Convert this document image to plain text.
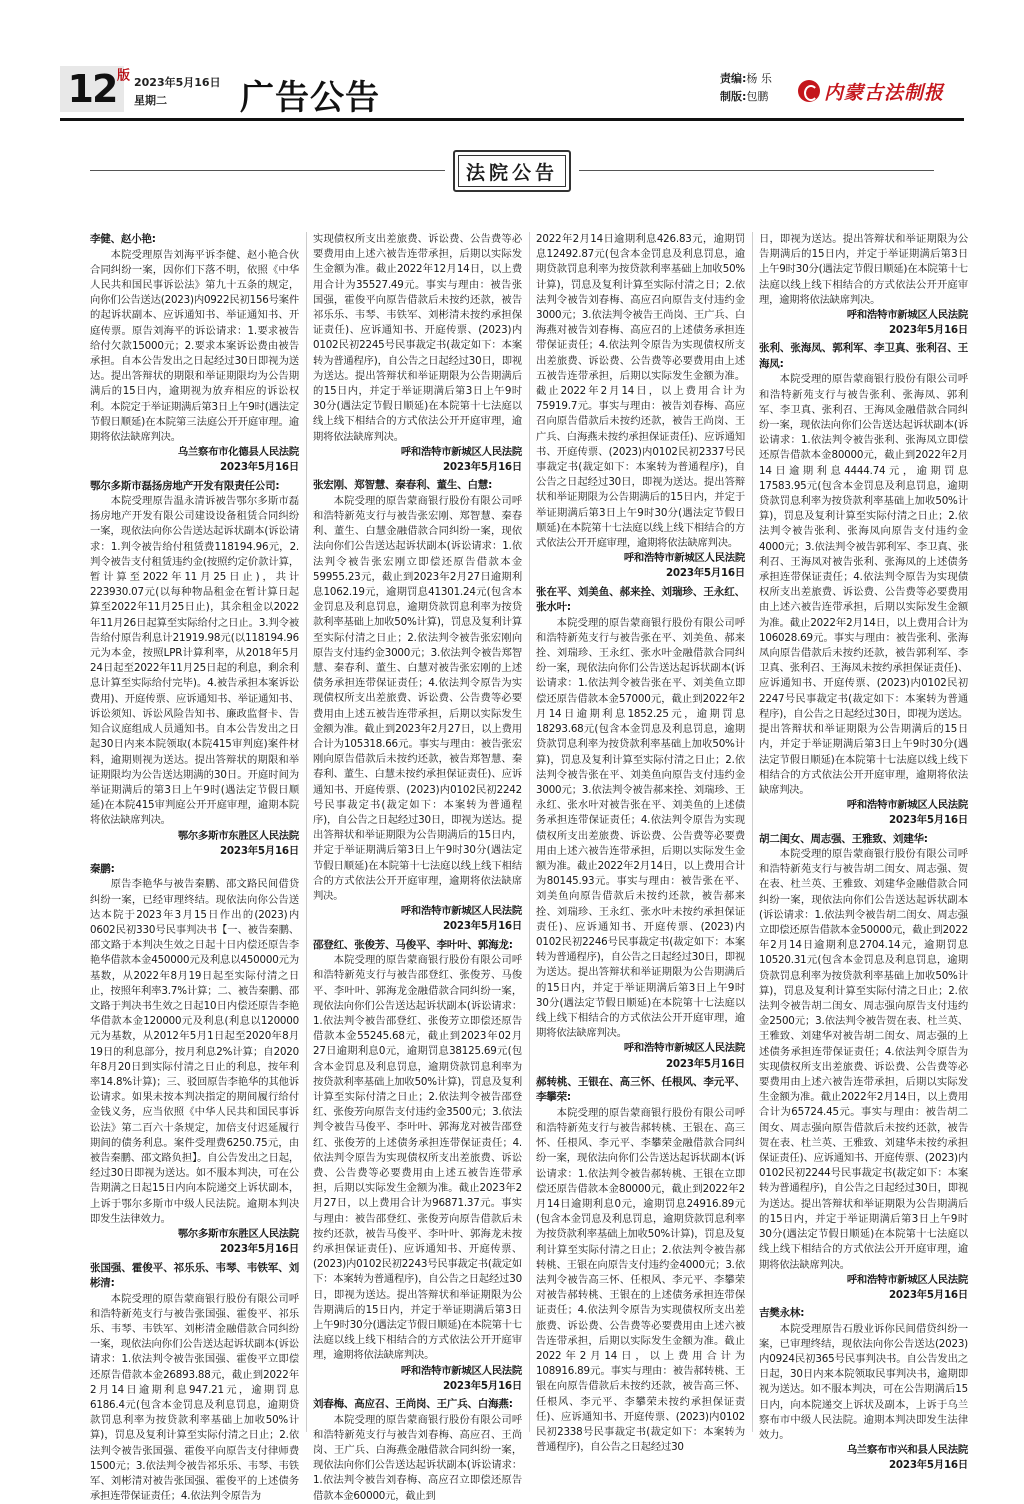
12
版
2023年5月16日
星期二	广告公告	责编:杨 乐
制版:包鹏	内蒙古法制报
法院公告
李健、赵小艳:
本院受理原告刘海平诉李健、赵小艳合伙合同纠纷一案，因你们下落不明，依照《中华人民共和国民事诉讼法》第九十五条的规定，向你们公告送达(2023)内0922民初156号案件的起诉状副本、应诉通知书、举证通知书、开庭传票。原告刘海平的诉讼请求：1.要求被告给付欠款15000元；2.要求本案诉讼费由被告承担。自本公告发出之日起经过30日即视为送达。提出答辩状的期限和举证期限均为公告期满后的15日内，逾期视为放弃相应的诉讼权利。本院定于举证期满后第3日上午9时(遇法定节假日顺延)在本院第三法庭公开开庭审理。逾期将依法缺席判决。
乌兰察布市化德县人民法院
2023年5月16日
鄂尔多斯市磊扬房地产开发有限责任公司:
本院受理原告温永清诉被告鄂尔多斯市磊扬房地产开发有限公司建设设备租赁合同纠纷一案，现依法向你公告送达起诉状副本(诉讼请求：1.判令被告给付租赁费118194.96元，2.判令被告支付租赁违约金(按照约定价款计算，暂计算至2022年11月25日止)，共计223930.07元(以每种物品租金在暂计算日起算至2022年11月25日止)，其余租金以2022年11月26日起算至实际给付之日止。3.判令被告给付原告利息计21919.98元(以118194.96元为本金，按照LPR计算利率，从2018年5月24日起至2022年11月25日起的利息，剩余利息计算至实际给付完毕)。4.被告承担本案诉讼费用)、开庭传票、应诉通知书、举证通知书、诉讼须知、诉讼风险告知书、廉政监督卡、告知合议庭组成人员通知书。自本公告发出之日起30日内来本院领取(本院415审判庭)案件材料，逾期则视为送达。提出答辩状的期限和举证期限均为公告送达期满的30日。开庭时间为举证期满后的第3日上午9时(遇法定节假日顺延)在本院415审判庭公开开庭审理，逾期本院将依法缺席判决。
鄂尔多斯市东胜区人民法院
2023年5月16日
秦鹏:
原告李艳华与被告秦鹏、邵文路民间借贷纠纷一案，已经审理终结。现依法向你公告送达本院于2023年3月15日作出的(2023)内0602民初330号民事判决书【一、被告秦鹏、邵文路于本判决生效之日起十日内偿还原告李艳华借款本金450000元及利息以450000元为基数，从2022年8月19日起至实际付清之日止，按照年利率3.7%计算；二、被告秦鹏、邵文路于判决书生效之日起10日内偿还原告李艳华借款本金120000元及利息(利息以120000元为基数，从2012年5月1日起至2020年8月19日的利息部分，按月利息2%计算；自2020年8月20日到实际付清之日止的利息，按年利率14.8%计算)；三、驳回原告李艳华的其他诉讼请求。如果未按本判决指定的期间履行给付金钱义务，应当依照《中华人民共和国民事诉讼法》第二百六十条规定，加倍支付迟延履行期间的债务利息。案件受理费6250.75元，由被告秦鹏、邵文路负担】。自公告发出之日起，经过30日即视为送达。如不服本判决，可在公告期满之日起15日内向本院递交上诉状副本，上诉于鄂尔多斯市中级人民法院。逾期本判决即发生法律效力。
鄂尔多斯市东胜区人民法院
2023年5月16日
张国强、霍俊平、祁乐乐、韦琴、韦铁军、刘彬清:
本院受理的原告蒙商银行股份有限公司呼和浩特新苑支行与被告张国强、霍俊平、祁乐乐、韦琴、韦铁军、刘彬清金融借款合同纠纷一案，现依法向你们公告送达起诉状副本(诉讼请求：1.依法判令被告张国强、霍俊平立即偿还原告借款本金26893.88元，截止到2022年2月14日逾期利息947.21元，逾期罚息6186.4元(包含本金罚息及利息罚息，逾期贷款罚息利率为按贷款利率基础上加收50%计算)，罚息及复利计算至实际付清之日止；2.依法判令被告张国强、霍俊平向原告支付律师费1500元；3.依法判令被告祁乐乐、韦琴、韦铁军、刘彬清对被告张国强、霍俊平的上述债务承担连带保证责任；4.依法判令原告为
实现债权所支出差旅费、诉讼费、公告费等必要费用由上述六被告连带承担，后期以实际发生金额为准。截止2022年12月14日，以上费用合计为35527.49元。事实与理由：被告张国强，霍俊平向原告借款后未按约还款，被告祁乐乐、韦琴、韦铁军、刘彬清未按约承担保证责任)、应诉通知书、开庭传票、(2023)内0102民初2245号民事裁定书(裁定如下：本案转为普通程序)，自公告之日起经过30日，即视为送达。提出答辩状和举证期限为公告期满后的15日内，并定于举证期满后第3日上午9时30分(遇法定节假日顺延)在本院第十七法庭以线上线下相结合的方式依法公开开庭审理，逾期将依法缺席判决。
呼和浩特市新城区人民法院
2023年5月16日
张宏刚、郑智慧、秦春利、董生、白慧:
本院受理的原告蒙商银行股份有限公司呼和浩特新苑支行与被告张宏刚、郑智慧、秦春利、董生、白慧金融借款合同纠纷一案，现依法向你们公告送达起诉状副本(诉讼请求：1.依法判令被告张宏刚立即偿还原告借款本金59955.23元，截止到2023年2月27日逾期利息1062.19元，逾期罚息41301.24元(包含本金罚息及利息罚息，逾期贷款罚息利率为按贷款利率基础上加收50%计算)，罚息及复利计算至实际付清之日止；2.依法判令被告张宏刚向原告支付违约金3000元；3.依法判令被告郑智慧、秦春利、董生、白慧对被告张宏刚的上述债务承担连带保证责任；4.依法判令原告为实现债权所支出差旅费、诉讼费、公告费等必要费用由上述五被告连带承担，后期以实际发生金额为准。截止到2023年2月27日，以上费用合计为105318.66元。事实与理由：被告张宏刚向原告借款后未按约还款，被告郑智慧、秦春利、董生、白慧未按约承担保证责任)、应诉通知书、开庭传票、(2023)内0102民初2242号民事裁定书(裁定如下：本案转为普通程序)，自公告之日起经过30日，即视为送达。提出答辩状和举证期限为公告期满后的15日内，并定于举证期满后第3日上午9时30分(遇法定节假日顺延)在本院第十七法庭以线上线下相结合的方式依法公开开庭审理，逾期将依法缺席判决。
呼和浩特市新城区人民法院
2023年5月16日
邵登红、张俊芳、马俊平、李叶叶、郭海龙:
本院受理的原告蒙商银行股份有限公司呼和浩特新苑支行与被告邵登红、张俊芳、马俊平、李叶叶、郭海龙金融借款合同纠纷一案，现依法向你们公告送达起诉状副本(诉讼请求：1.依法判令被告邵登红、张俊芳立即偿还原告借款本金55245.68元，截止到2023年02月27日逾期利息0元，逾期罚息38125.69元(包含本金罚息及利息罚息，逾期贷款罚息利率为按贷款利率基础上加收50%计算)，罚息及复利计算至实际付清之日止；2.依法判令被告邵登红、张俊芳向原告支付违约金3500元；3.依法判令被告马俊平、李叶叶、郭海龙对被告邵登红、张俊芳的上述债务承担连带保证责任；4.依法判令原告为实现债权所支出差旅费、诉讼费、公告费等必要费用由上述五被告连带承担，后期以实际发生金额为准。截止2023年2月27日，以上费用合计为96871.37元。事实与理由：被告邵登红、张俊芳向原告借款后未按约还款，被告马俊平、李叶叶、郭海龙未按约承担保证责任)、应诉通知书、开庭传票、(2023)内0102民初2243号民事裁定书(裁定如下：本案转为普通程序)，自公告之日起经过30日，即视为送达。提出答辩状和举证期限为公告期满后的15日内，并定于举证期满后第3日上午9时30分(遇法定节假日顺延)在本院第十七法庭以线上线下相结合的方式依法公开开庭审理，逾期将依法缺席判决。
呼和浩特市新城区人民法院
2023年5月16日
刘春梅、高应召、王尚岗、王广兵、白海燕:
本院受理的原告蒙商银行股份有限公司呼和浩特新苑支行与被告刘春梅、高应召、王尚岗、王广兵、白海燕金融借款合同纠纷一案，现依法向你们公告送达起诉状副本(诉讼请求：1.依法判令被告刘春梅、高应召立即偿还原告借款本金60000元，截止到
2022年2月14日逾期利息426.83元，逾期罚息12492.87元(包含本金罚息及利息罚息，逾期贷款罚息利率为按贷款利率基础上加收50%计算)，罚息及复利计算至实际付清之日；2.依法判令被告刘春梅、高应召向原告支付违约金3000元；3.依法判令被告王尚岗、王广兵、白海燕对被告刘春梅、高应召的上述债务承担连带保证责任；4.依法判令原告为实现债权所支出差旅费、诉讼费、公告费等必要费用由上述五被告连带承担，后期以实际发生金额为准。截止2022年2月14日，以上费用合计为75919.7元。事实与理由：被告刘春梅、高应召向原告借款后未按约还款，被告王尚岗、王广兵、白海燕未按约承担保证责任)、应诉通知书、开庭传票、(2023)内0102民初2337号民事裁定书(裁定如下：本案转为普通程序)，自公告之日起经过30日，即视为送达。提出答辩状和举证期限为公告期满后的15日内，并定于举证期满后第3日上午9时30分(遇法定节假日顺延)在本院第十七法庭以线上线下相结合的方式依法公开开庭审理，逾期将依法缺席判决。
呼和浩特市新城区人民法院
2023年5月16日
张在平、刘美鱼、郝来拴、刘瑞珍、王永红、张水叶:
本院受理的原告蒙商银行股份有限公司呼和浩特新苑支行与被告张在平、刘美鱼、郝来拴、刘瑞珍、王永红、张水叶金融借款合同纠纷一案，现依法向你们公告送达起诉状副本(诉讼请求：1.依法判令被告张在平、刘美鱼立即偿还原告借款本金57000元，截止到2022年2月14日逾期利息1852.25元，逾期罚息18293.68元(包含本金罚息及利息罚息，逾期贷款罚息利率为按贷款利率基础上加收50%计算)，罚息及复利计算至实际付清之日止；2.依法判令被告张在平、刘美鱼向原告支付违约金3000元；3.依法判令被告郝来拴、刘瑞珍、王永红、张水叶对被告张在平、刘美鱼的上述债务承担连带保证责任；4.依法判令原告为实现债权所支出差旅费、诉讼费、公告费等必要费用由上述六被告连带承担，后期以实际发生金额为准。截止2022年2月14日，以上费用合计为80145.93元。事实与理由：被告张在平、刘美鱼向原告借款后未按约还款，被告郝来拴、刘瑞珍、王永红、张水叶未按约承担保证责任)、应诉通知书、开庭传票、(2023)内0102民初2246号民事裁定书(裁定如下：本案转为普通程序)，自公告之日起经过30日，即视为送达。提出答辩状和举证期限为公告期满后的15日内，并定于举证期满后第3日上午9时30分(遇法定节假日顺延)在本院第十七法庭以线上线下相结合的方式依法公开开庭审理，逾期将依法缺席判决。
呼和浩特市新城区人民法院
2023年5月16日
郝转桃、王银在、高三怀、任根风、李元平、李攀荣:
本院受理的原告蒙商银行股份有限公司呼和浩特新苑支行与被告郝转桃、王银在、高三怀、任根风、李元平、李攀荣金融借款合同纠纷一案，现依法向你们公告送达起诉状副本(诉讼请求：1.依法判令被告郝转桃、王银在立即偿还原告借款本金80000元，截止到2022年2月14日逾期利息0元，逾期罚息24916.89元(包含本金罚息及利息罚息，逾期贷款罚息利率为按贷款利率基础上加收50%计算)，罚息及复利计算至实际付清之日止；2.依法判令被告郝转桃、王银在向原告支付违约金4000元；3.依法判令被告高三怀、任根风、李元平、李攀荣对被告郝转桃、王银在的上述债务承担连带保证责任；4.依法判令原告为实现债权所支出差旅费、诉讼费、公告费等必要费用由上述六被告连带承担，后期以实际发生金额为准。截止2022年2月14日，以上费用合计为108916.89元。事实与理由：被告郝转桃、王银在向原告借款后未按约还款，被告高三怀、任根风、李元平、李攀荣未按约承担保证责任)、应诉通知书、开庭传票、(2023)内0102民初2338号民事裁定书(裁定如下：本案转为普通程序)，自公告之日起经过30
日，即视为送达。提出答辩状和举证期限为公告期满后的15日内，并定于举证期满后第3日上午9时30分(遇法定节假日顺延)在本院第十七法庭以线上线下相结合的方式依法公开开庭审理，逾期将依法缺席判决。
呼和浩特市新城区人民法院
2023年5月16日
张利、张海凤、郭利军、李卫真、张利召、王海凤:
本院受理的原告蒙商银行股份有限公司呼和浩特新苑支行与被告张利、张海凤、郭利军、李卫真、张利召、王海凤金融借款合同纠纷一案，现依法向你们公告送达起诉状副本(诉讼请求：1.依法判令被告张利、张海凤立即偿还原告借款本金80000元，截止到2022年2月14日逾期利息4444.74元，逾期罚息17583.95元(包含本金罚息及利息罚息，逾期贷款罚息利率为按贷款利率基础上加收50%计算)，罚息及复利计算至实际付清之日止；2.依法判令被告张利、张海凤向原告支付违约金4000元；3.依法判令被告郭利军、李卫真、张利召、王海凤对被告张利、张海凤的上述债务承担连带保证责任；4.依法判令原告为实现债权所支出差旅费、诉讼费、公告费等必要费用由上述六被告连带承担，后期以实际发生金额为准。截止2022年2月14日，以上费用合计为106028.69元。事实与理由：被告张利、张海凤向原告借款后未按约还款，被告郭利军、李卫真、张利召、王海凤未按约承担保证责任)、应诉通知书、开庭传票、(2023)内0102民初2247号民事裁定书(裁定如下：本案转为普通程序)，自公告之日起经过30日，即视为送达。提出答辩状和举证期限为公告期满后的15日内，并定于举证期满后第3日上午9时30分(遇法定节假日顺延)在本院第十七法庭以线上线下相结合的方式依法公开开庭审理，逾期将依法缺席判决。
呼和浩特市新城区人民法院
2023年5月16日
胡二闺女、周志强、王雅致、刘建华:
本院受理的原告蒙商银行股份有限公司呼和浩特新苑支行与被告胡二闺女、周志强、贺在表、杜兰英、王雅致、刘建华金融借款合同纠纷一案，现依法向你们公告送达起诉状副本(诉讼请求：1.依法判令被告胡二闺女、周志强立即偿还原告借款本金50000元，截止到2022年2月14日逾期利息2704.14元，逾期罚息10520.31元(包含本金罚息及利息罚息，逾期贷款罚息利率为按贷款利率基础上加收50%计算)，罚息及复利计算至实际付清之日止；2.依法判令被告胡二闺女、周志强向原告支付违约金2500元；3.依法判令被告贺在表、杜兰英、王雅致、刘建华对被告胡二闺女、周志强的上述债务承担连带保证责任；4.依法判令原告为实现债权所支出差旅费、诉讼费、公告费等必要费用由上述六被告连带承担，后期以实际发生金额为准。截止2022年2月14日，以上费用合计为65724.45元。事实与理由：被告胡二闺女、周志强向原告借款后未按约还款，被告贺在表、杜兰英、王雅致、刘建华未按约承担保证责任)、应诉通知书、开庭传票、(2023)内0102民初2244号民事裁定书(裁定如下：本案转为普通程序)，自公告之日起经过30日，即视为送达。提出答辩状和举证期限为公告期满后的15日内，并定于举证期满后第3日上午9时30分(遇法定节假日顺延)在本院第十七法庭以线上线下相结合的方式依法公开开庭审理，逾期将依法缺席判决。
呼和浩特市新城区人民法院
2023年5月16日
吉樊永林:
本院受理原告石殷业诉你民间借贷纠纷一案，已审理终结，现依法向你公告送达(2023)内0924民初365号民事判决书。自公告发出之日起，30日内来本院领取民事判决书，逾期即视为送达。如不服本判决，可在公告期满后15日内，向本院递交上诉状及副本，上诉于乌兰察布市中级人民法院。逾期本判决即发生法律效力。
乌兰察布市兴和县人民法院
2023年5月16日
